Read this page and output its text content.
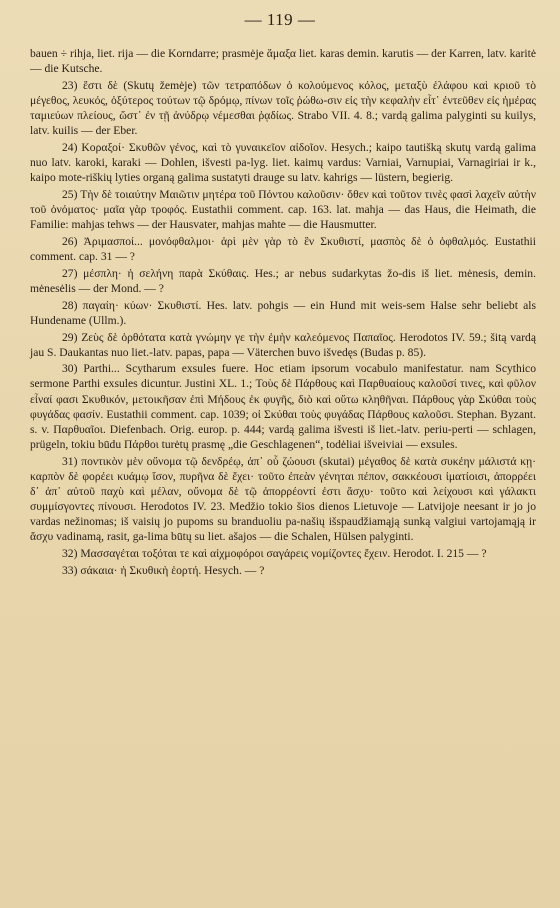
— 119 —

bauen ÷ rihja, liet. rija — die Korndarre; prasmėje ἅμαξα liet. karas demin. karutis — der Karren, latv. karitė — die Kutsche.

23) ἔστι δὲ (Skutų žemėje) τῶν τετραπόδων ὁ κολούμενος κόλος, μεταξὺ ἐλάφου καὶ κριοῦ τὸ μέγεθος, λευκός, ὀξύτερος τούτων τῷ δρόμῳ, πίνων τοῖς ῥώθω-σιν εἰς τὴν κεφαλὴν εἶτ᾽ ἐντεῦθεν εἰς ἡμέρας ταμιεύων πλείους, ὥστ᾽ ἐν τῇ ἀνύδρῳ νέμεσθαι ῥᾳδίως. Strabo VII. 4. 8.; vardą galima palyginti su kuilys, latv. kuilis — der Eber.

24) Κοραξοί· Σκυθῶν γένος, καὶ τὸ γυναικεῖον αἰδοῖον. Hesych.; kaipo tautišką skutų vardą galima nuo latv. karoki, karaki — Dohlen, išvesti pa-lyg. liet. kaimų vardus: Varniai, Varnupiai, Varnagiriai ir k., kaipo mote-riškių lyties organą galima sustatyti drauge su latv. kahrigs — lüstern, begierig.

25) Τὴν δὲ τοιαύτην Μαιῶτιν μητέρα τοῦ Πόντου καλοῦσιν· ὅθεν καὶ τοῦτον τινὲς φασὶ λαχεῖν αὐτὴν τοῦ ὀνόματος· μαῖα γὰρ τροφός. Eustathii comment. cap. 163. lat. mahja — das Haus, die Heimath, die Familie: mahjas tehws — der Hausvater, mahjas mahte — die Hausmutter.

26) Ἀριμασποί... μονόφθαλμοι· ἀρὶ μὲν γὰρ τὸ ἓν Σκυθιστί, μασπὸς δὲ ὁ ὀφθαλμός. Eustathii comment. cap. 31 — ?

27) μέσπλη· ἡ σελήνη παρὰ Σκύθαις. Hes.; ar nebus sudarkytas žo-dis iš liet. mėnesis, demin. mėnesėlis — der Mond. — ?

28) παγαίη· κύων· Σκυθιστί. Hes. latv. pohgis — ein Hund mit weis-sem Halse sehr beliebt als Hundename (Ullm.).

29) Ζεὺς δὲ ὀρθότατα κατὰ γνώμην γε τὴν ἐμὴν καλεόμενος Παπαῖος. Herodotos IV. 59.; šitą vardą jau S. Daukantas nuo liet.-latv. papas, papa — Väterchen buvo išvedęs (Budas p. 85).

30) Parthi... Scytharum exsules fuere. Hoc etiam ipsorum vocabulo manifestatur. nam Scythico sermone Parthi exsules dicuntur. Justini XL. 1.; Τοὺς δὲ Πάρθους καὶ Παρθυαίους καλοῦσί τινες, καὶ φῦλον εἶναί φασι Σκυθικόν, μετοικῆσαν ἐπὶ Μήδους ἐκ φυγῆς, διὸ καὶ οὕτω κληθῆναι. Πάρθους γὰρ Σκύθαι τοὺς φυγάδας φασίν. Eustathii comment. cap. 1039; οἱ Σκύθαι τοὺς φυγάδας Πάρθους καλοῦσι. Stephan. Byzant. s. v. Παρθυαῖοι. Diefenbach. Orig. europ. p. 444; vardą galima išvesti iš liet.-latv. periu-perti — schlagen, prügeln, tokiu būdu Πάρθοι turėtų prasmę „die Geschlagenen“, todėliai išveiviai — exsules.

31) ποντικὸν μὲν οὔνομα τῷ δενδρέῳ, ἀπ᾽ οὗ ζώουσι (skutai) μέγαθος δὲ κατὰ συκέην μάλιστά κῃ· καρπὸν δὲ φορέει κυάμῳ ἴσον, πυρῆνα δὲ ἔχει· τοῦτο ἐπεὰν γένηται πέπον, σακκέουσι ἱματίοισι, ἀπορρέει δ᾽ ἀπ᾽ αὐτοῦ παχὺ καὶ μέλαν, οὔνομα δὲ τῷ ἀπορρέοντί ἐστι ἄσχυ· τοῦτο καὶ λείχουσι καὶ γάλακτι συμμίσγοντες πίνουσι. Herodotos IV. 23. Medžio tokio šios dienos Lietuvoje — Latvijoje neesant ir jo jo vardas nežinomas; iš vaisių jo pupoms su branduoliu pa-našių išspaudžiamąją sunką valgiui vartojamąją ir ἄσχυ vadinamą, rasit, ga-lima būtų su liet. ašajos — die Schalen, Hülsen palyginti.

32) Μασσαγέται τοξόται τε καὶ αἰχμοφόροι σαγάρεις νομίζοντες ἔχειν. Herodot. I. 215 — ?

33) σάκαια· ἡ Σκυθικὴ ἑορτή. Hesych. — ?
